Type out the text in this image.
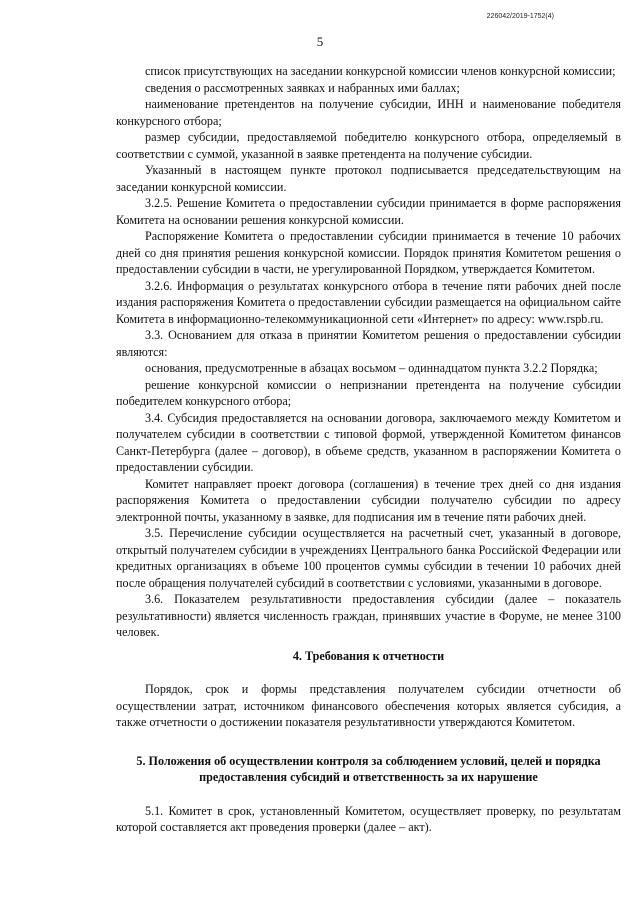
226042/2019-1752(4)
5

список присутствующих на заседании конкурсной комиссии членов конкурсной комиссии;

сведения о рассмотренных заявках и набранных ими баллах;

наименование претендентов на получение субсидии, ИНН и наименование победителя конкурсного отбора;

размер субсидии, предоставляемой победителю конкурсного отбора, определяемый в соответствии с суммой, указанной в заявке претендента на получение субсидии.

Указанный в настоящем пункте протокол подписывается председательствующим на заседании конкурсной комиссии.

3.2.5. Решение Комитета о предоставлении субсидии принимается в форме распоряжения Комитета на основании решения конкурсной комиссии.

Распоряжение Комитета о предоставлении субсидии принимается в течение 10 рабочих дней со дня принятия решения конкурсной комиссии. Порядок принятия Комитетом решения о предоставлении субсидии в части, не урегулированной Порядком, утверждается Комитетом.

3.2.6. Информация о результатах конкурсного отбора в течение пяти рабочих дней после издания распоряжения Комитета о предоставлении субсидии размещается на официальном сайте Комитета в информационно-телекоммуникационной сети «Интернет» по адресу: www.rspb.ru.

3.3. Основанием для отказа в принятии Комитетом решения о предоставлении субсидии являются:

основания, предусмотренные в абзацах восьмом – одиннадцатом пункта 3.2.2 Порядка;

решение конкурсной комиссии о непризнании претендента на получение субсидии победителем конкурсного отбора;

3.4. Субсидия предоставляется на основании договора, заключаемого между Комитетом и получателем субсидии в соответствии с типовой формой, утвержденной Комитетом финансов Санкт-Петербурга (далее – договор), в объеме средств, указанном в распоряжении Комитета о предоставлении субсидии.

Комитет направляет проект договора (соглашения) в течение трех дней со дня издания распоряжения Комитета о предоставлении субсидии получателю субсидии по адресу электронной почты, указанному в заявке, для подписания им в течение пяти рабочих дней.

3.5. Перечисление субсидии осуществляется на расчетный счет, указанный в договоре, открытый получателем субсидии в учреждениях Центрального банка Российской Федерации или кредитных организациях в объеме 100 процентов суммы субсидии в течении 10 рабочих дней после обращения получателей субсидий в соответствии с условиями, указанными в договоре.

3.6. Показателем результативности предоставления субсидии (далее – показатель результативности) является численность граждан, принявших участие в Форуме, не менее 3100 человек.

4. Требования к отчетности

Порядок, срок и формы представления получателем субсидии отчетности об осуществлении затрат, источником финансового обеспечения которых является субсидия, а также отчетности о достижении показателя результативности утверждаются Комитетом.

5. Положения об осуществлении контроля за соблюдением условий, целей и порядка предоставления субсидий и ответственность за их нарушение

5.1. Комитет в срок, установленный Комитетом, осуществляет проверку, по результатам которой составляется акт проведения проверки (далее – акт).
